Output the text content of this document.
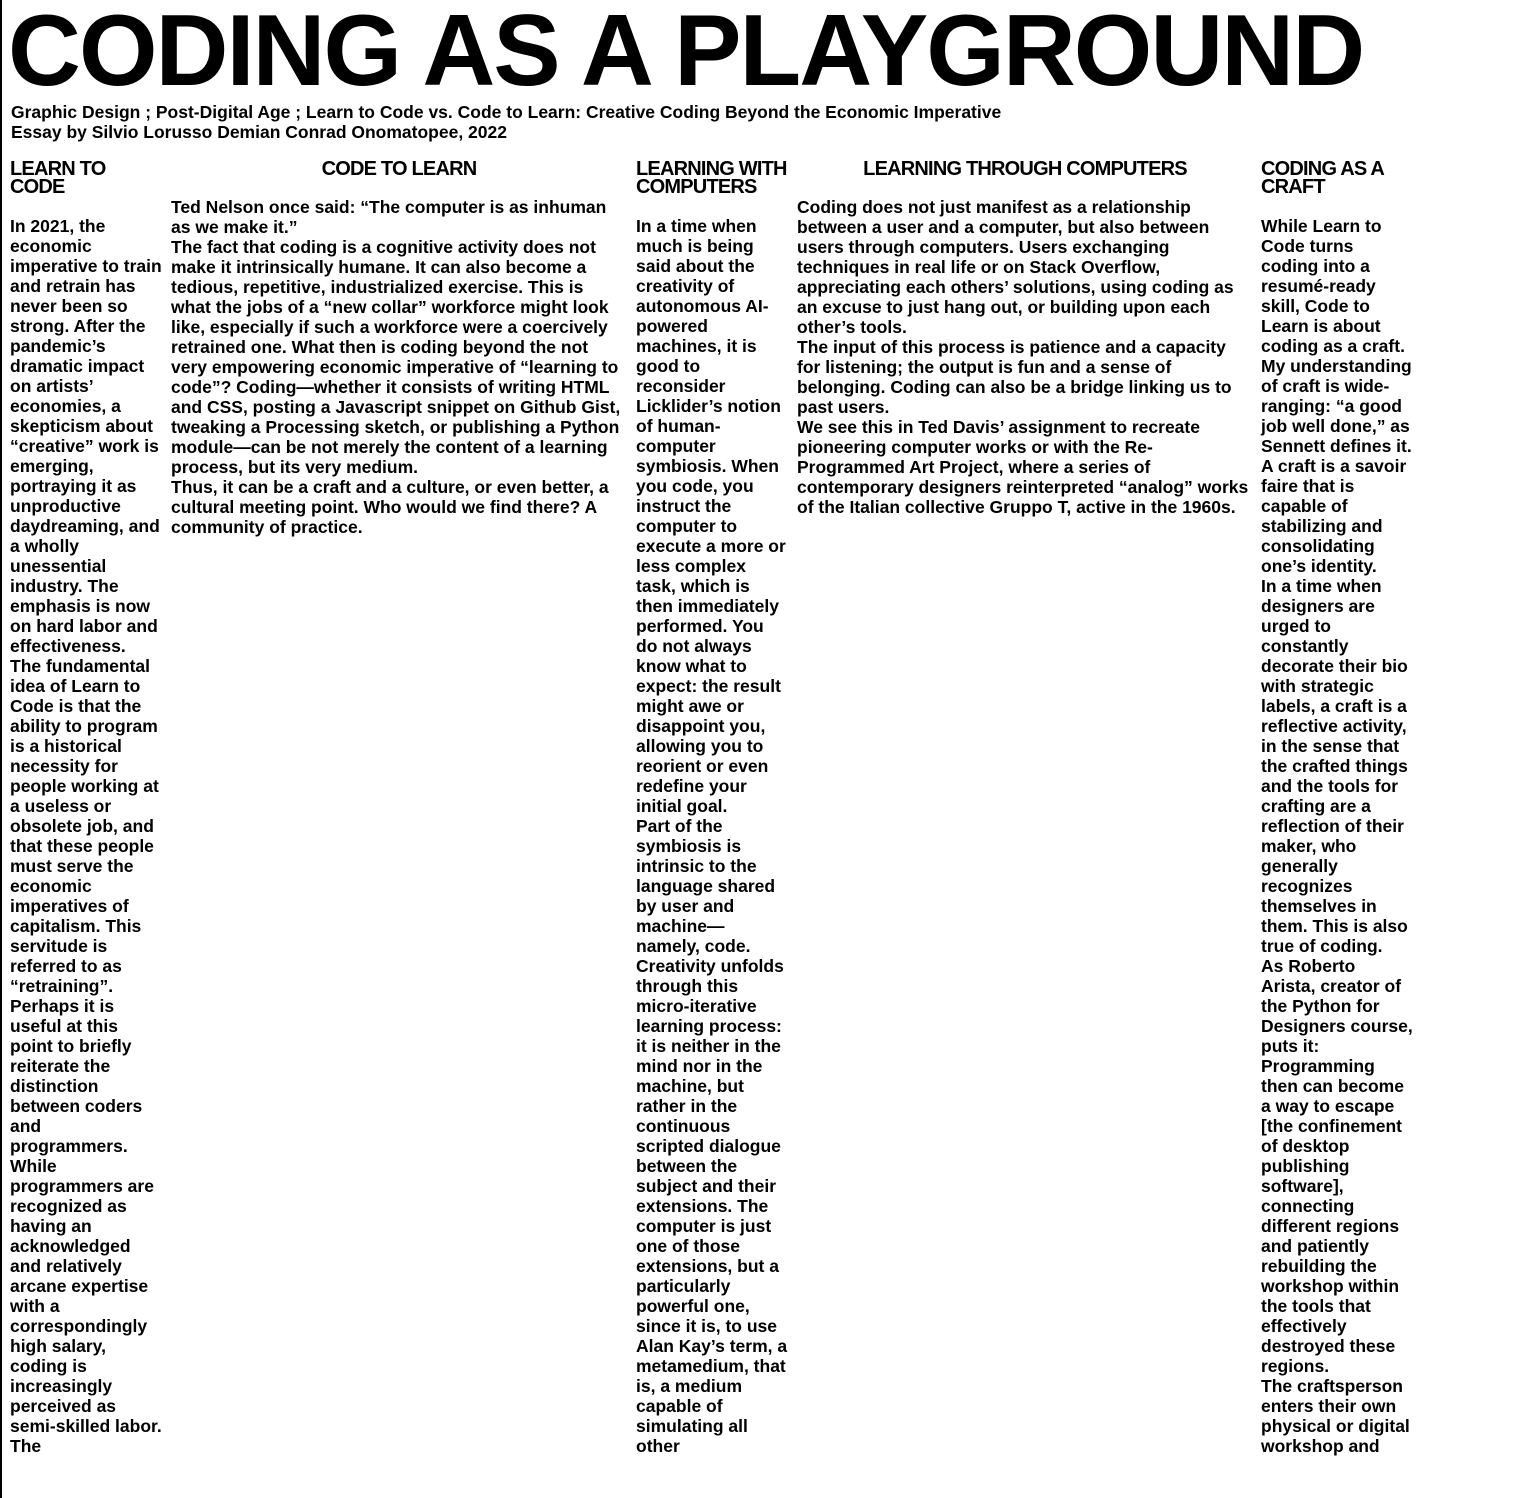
CODING AS A PLAYGROUND
Graphic Design ; Post-Digital Age ; Learn to Code vs. Code to Learn: Creative Coding Beyond the Economic Imperative
Essay by Silvio Lorusso Demian Conrad Onomatopee, 2022
LEARN TO CODE

In 2021, the economic imperative to train and retrain has never been so strong. After the pandemic’s dramatic impact on artists’ economies, a skepticism about “creative” work is emerging, portraying it as unproductive daydreaming, and a wholly unessential industry. The emphasis is now on hard labor and effectiveness.

The fundamental idea of Learn to Code is that the ability to program is a historical necessity for people working at a useless or obsolete job, and that these people must serve the economic imperatives of capitalism. This servitude is referred to as “retraining”.

Perhaps it is useful at this point to briefly reiterate the distinction between coders and programmers. While programmers are recognized as having an acknowledged and relatively arcane expertise with a correspondingly high salary, coding is increasingly perceived as semi-skilled labor. The

CODE TO LEARN

Ted Nelson once said: “The computer is as inhuman as we make it.”

The fact that coding is a cognitive activity does not make it intrinsically humane. It can also become a tedious, repetitive, industrialized exercise. This is what the jobs of a “new collar” workforce might look like, especially if such a workforce were a coercively retrained one. What then is coding beyond the not very empowering economic imperative of “learning to code”? Coding—whether it consists of writing HTML and CSS, posting a Javascript snippet on Github Gist, tweaking a Processing sketch, or publishing a Python module—can be not merely the content of a learning process, but its very medium.

Thus, it can be a craft and a culture, or even better, a cultural meeting point. Who would we find there? A community of practice.

LEARNING WITH COMPUTERS

In a time when much is being said about the creativity of autonomous AI-powered machines, it is good to reconsider Licklider’s notion of human-computer symbiosis. When you code, you instruct the computer to execute a more or less complex task, which is then immediately performed. You do not always know what to expect: the result might awe or disappoint you, allowing you to reorient or even redefine your initial goal.

Part of the symbiosis is intrinsic to the language shared by user and machine—namely, code. Creativity unfolds through this micro-iterative learning process: it is neither in the mind nor in the machine, but rather in the continuous scripted dialogue between the subject and their extensions. The computer is just one of those extensions, but a particularly powerful one, since it is, to use Alan Kay’s term, a metamedium, that is, a medium capable of simulating all other

LEARNING THROUGH COMPUTERS

Coding does not just manifest as a relationship between a user and a computer, but also between users through computers. Users exchanging techniques in real life or on Stack Overflow, appreciating each others’ solutions, using coding as an excuse to just hang out, or building upon each other’s tools.

The input of this process is patience and a capacity for listening; the output is fun and a sense of belonging. Coding can also be a bridge linking us to past users.

We see this in Ted Davis’ assignment to recreate pioneering computer works or with the Re-Programmed Art Project, where a series of contemporary designers reinterpreted “analog” works of the Italian collective Gruppo T, active in the 1960s.

CODING AS A CRAFT

While Learn to Code turns coding into a resumé-ready skill, Code to Learn is about coding as a craft. My understanding of craft is wide-ranging: “a good job well done,” as Sennett defines it. A craft is a savoir faire that is capable of stabilizing and consolidating one’s identity.

In a time when designers are urged to constantly decorate their bio with strategic labels, a craft is a reflective activity, in the sense that the crafted things and the tools for crafting are a reflection of their maker, who generally recognizes themselves in them. This is also true of coding.

As Roberto Arista, creator of the Python for Designers course, puts it: Programming then can become a way to escape [the confinement of desktop publishing software], connecting different regions and patiently rebuilding the workshop within the tools that effectively destroyed these regions.

The craftsperson enters their own physical or digital workshop and
